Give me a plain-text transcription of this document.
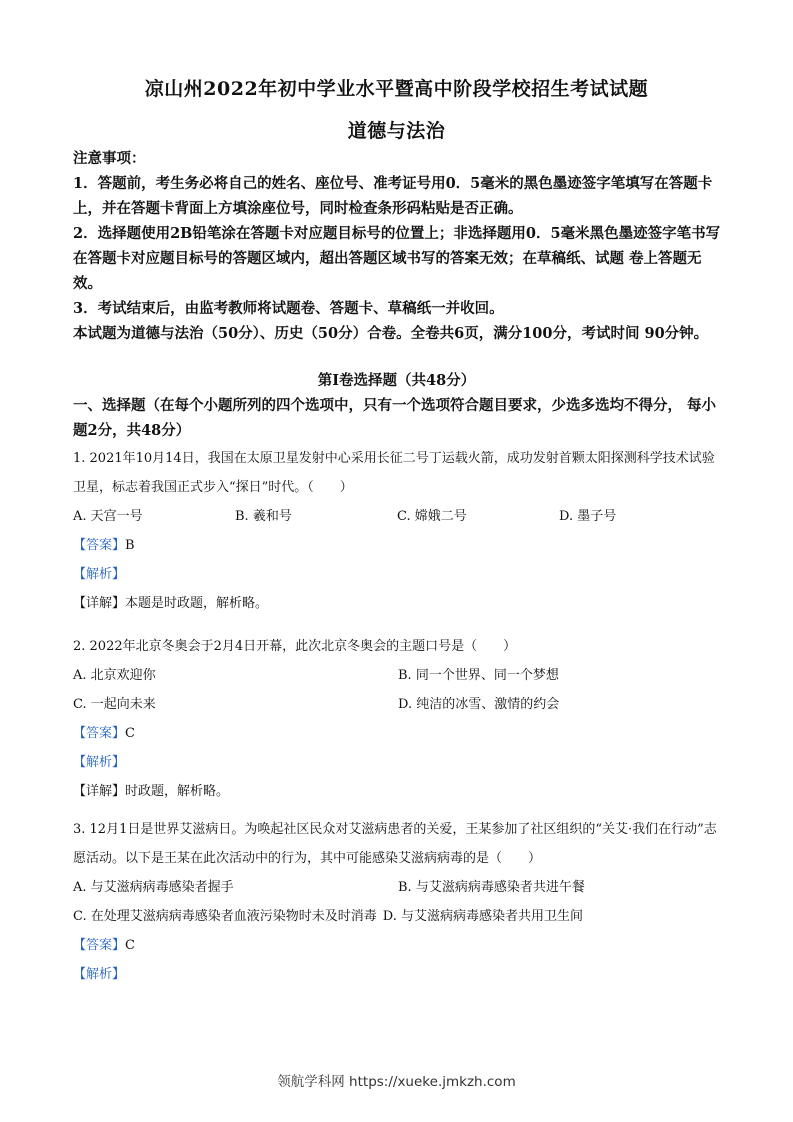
凉山州2022年初中学业水平暨高中阶段学校招生考试试题
道德与法治

注意事项：

1．答题前，考生务必将自己的姓名、座位号、准考证号用0．5毫米的黑色墨迹签字笔填写在答题卡上，并在答题卡背面上方填涂座位号，同时检查条形码粘贴是否正确。

2．选择题使用2B铅笔涂在答题卡对应题目标号的位置上；非选择题用0．5毫米黑色墨迹签字笔书写在答题卡对应题目标号的答题区域内，超出答题区域书写的答案无效；在草稿纸、试题 卷上答题无效。

3．考试结束后，由监考教师将试题卷、答题卡、草稿纸一并收回。

本试题为道德与法治（50分）、历史（50分）合卷。全卷共6页，满分100分，考试时间 90分钟。

第I卷选择题（共48分）
一、选择题（在每个小题所列的四个选项中，只有一个选项符合题目要求，少选多选均不得分， 每小题2分，共48分）

1. 2021年10月14日，我国在太原卫星发射中心采用长征二号丁运载火箭，成功发射首颗太阳探测科学技术试验卫星，标志着我国正式步入“探日”时代。（　　）

A. 天宫一号	B. 羲和号	C. 嫦娥二号	D. 墨子号

【答案】B

【解析】

【详解】本题是时政题，解析略。

2. 2022年北京冬奥会于2月4日开幕，此次北京冬奥会的主题口号是（　　）

A. 北京欢迎你	B. 同一个世界、同一个梦想
C. 一起向未来	D. 纯洁的冰雪、激情的约会

【答案】C

【解析】

【详解】时政题，解析略。

3. 12月1日是世界艾滋病日。为唤起社区民众对艾滋病患者的关爱，王某参加了社区组织的“关艾·我们在行动”志愿活动。以下是王某在此次活动中的行为，其中可能感染艾滋病病毒的是（　　）

A. 与艾滋病病毒感染者握手	B. 与艾滋病病毒感染者共进午餐
C. 在处理艾滋病病毒感染者血液污染物时未及时消毒 D. 与艾滋病病毒感染者共用卫生间

【答案】C

【解析】

领航学科网 https://xueke.jmkzh.com
